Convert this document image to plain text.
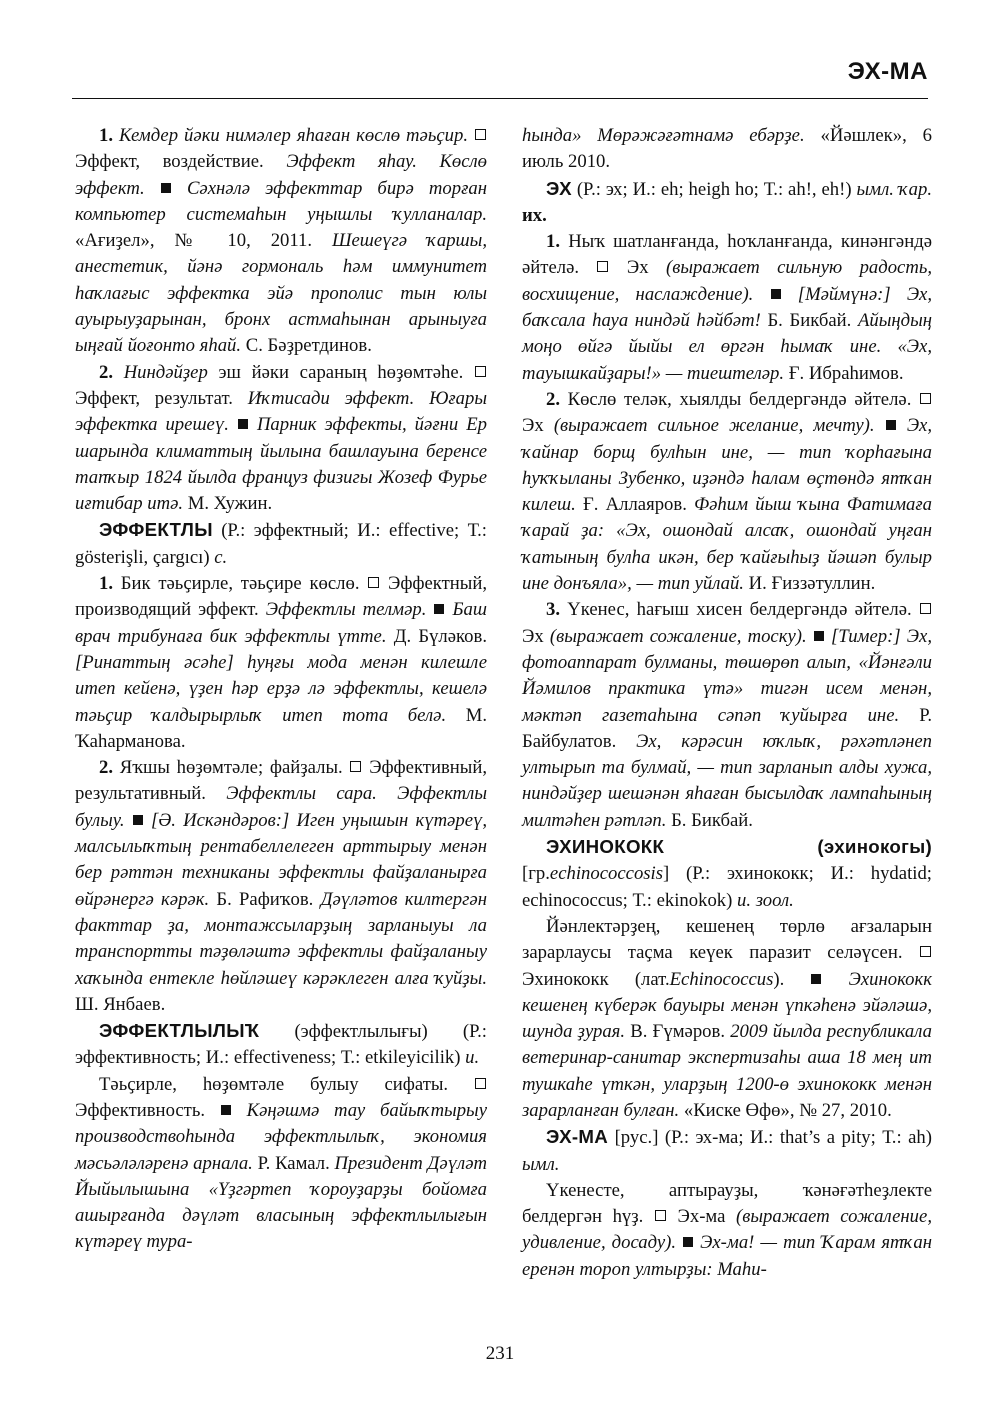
ЭХ-МА

1. Кемдер йәки нимәлер яһаған көслө тәьҫир.  Эффект, воздействие. Эффект яһау. Көслө эффект. Сәхнәлә эффекттар бирә торған компьютер системаһын уңышлы ҡулланалар. «Ағиҙел», № 10, 2011. Шешеүгә ҡаршы, анестетик, йәнә гормональ һәм иммунитет һаҡлағыс эффектка эйә прополис тын юлы ауырыуҙарынан, бронх астмаһынан арыныуға ыңғай йоғонто яһай. С. Бәҙретдинов.

2. Ниндәйҙер эш йәки сараның һөҙөмтәһе.  Эффект, результат. Иҡтисади эффект. Юғары эффектка ирешеү. Парник эффекты, йәғни Ер шарында климаттың йылына башлауына беренсе тапҡыр 1824 йылда француз физигы Жозеф Фурье иғтибар итә. М. Хужин.

ЭФФЕКТЛЫ (Р.: эффектный; И.: effective; Т.: gösterişli, çargıcı) с.

1. Бик тәьҫирле, тәьҫире көслө. Эффектный, производящий эффект. Эффектлы телмәр. Баш врач трибунаға бик эффектлы үтте. Д. Бүләков. [Ринаттың әсәһе] һуңғы мода менән килешле итеп кейенә, үҙен һәр ерҙә лә эффектлы, кешелә тәьҫир ҡалдырырлыҡ итеп тота белә. М. Ҡаһарманова.

2. Яҡшы һөҙөмтәле; файҙалы. Эффективный, результативный. Эффектлы сара. Эффектлы булыу. [Ә. Искәндәров:] Иген уңышын күтәреү, малсылыҡтың рентабеллелеген арттырыу менән бер рәттән техниканы эффектлы файҙаланырға өйрәнергә кәрәк. Б. Рафиҡов. Дәүләтов килтергән факттар ҙа, монтажсыларҙың зарланыуы ла транспортты тәҙөләштә эффектлы файҙаланыу хаҡында ентекле һөйләшеү кәрәклеген алға ҡуйҙы. Ш. Янбаев.

ЭФФЕКТЛЫЛЫҠ (эффектлылығы) (Р.: эффективность; И.: effectiveness; Т.: etkileyicilik) и.

Тәьҫирле, һөҙөмтәле булыу сифаты.  Эффективность. Кәңәшмә тау байыҡтырыу производствоһында эффектлылыҡ, экономия мәсьәләләренә арнала. Р. Камал. Президент Дәүләт Йыйылышына «Үҙгәртеп ҡороуҙарҙы бойомға ашырғанда дәүләт власының эффектлылығын күтәреү тура-

һында» Мөрәжәғәтнамә ебәрҙе. «Йәшлек», 6 июль 2010.

ЭХ (Р.: эх; И.: eh; heigh ho; Т.: ah!, eh!) ымл. ҡар. их.

1. Ныҡ шатланғанда, һоҡланғанда, кинәнгәндә әйтелә.	Эх (выражает сильную радость, восхищение, наслаждение). [Мәймүнә:] Эх, баҡсала һауа ниндәй һәйбәт! Б. Бикбай. Айыңдың моңо өйгә йыйы ел өргән һымаҡ ине. «Эх, тауышкайҙары!» — тиештеләр. Ғ. Ибраһимов.

2. Көслө теләк, хыялды белдергәндә әйтелә.  Эх (выражает сильное желание, мечту). Эх, ҡайнар борщ булһын ине, — тип ҡорһағына һуҡҡыланы Зубенко, иҙәндә һалам өҫтөндә ятҡан килеш. Ғ. Аллаяров. Фәһим йыш ҡына Фатимаға ҡарай ҙа: «Эх, ошондай алсаҡ, ошондай уңған ҡатының булһа икән, бер ҡайғыһыҙ йәшәп булыр ине донъяла», — тип уйлай. И. Ғиззәтуллин.

3. Үкенес, һағыш хисен белдергәндә әйтелә.  Эх (выражает сожаление, тоску). [Тимер:] Эх, фотоаппарат булманы, төшөрөп алып, «Йәнғәли Йәмилов практика үтә» тигән исем менән, мәктәп газетаһына сәпәп ҡуйырға ине. Р. Байбулатов. Эх, кәрәсин юҡлыҡ, рәхәтләнеп ултырып та булмай, — тип зарланып алды хужа, ниндәйҙер шешәнән яһаған бысылдаҡ лампаһының милтәһен рәтләп. Б. Бикбай.

ЭХИНОКОКК	(эхинокогы) [гр.echinococcosis] (Р.: эхинококк; И.: hydatid; echinococcus; Т.: ekinokok) и. зоол.

Йәнлектәрҙең, кешенең төрлө ағзаларын зарарлаусы таҫма кеүек паразит селәүсен.  Эхинококк (лат.Echinococcus).	Эхинококк кешенең күберәк бауыры менән үпкәһенә эйәләшә, шунда ҙурая. В. Ғүмәров. 2009 йылда республикала ветеринар-санитар экспертизаһы аша 18 мең ит тушкаһе үткән, уларҙың 1200-ө эхинококк менән зарарланған булған. «Киске Өфө», № 27, 2010.

ЭХ-МА [рус.] (Р.: эх-ма; И.: that’s a pity; Т.: ah) ымл.

Үкенесте, аптырауҙы, ҡәнәғәтһеҙлекте белдергән һүҙ. Эх-ма (выражает сожаление, удивление, досаду). Эх-ма! — тип Ҡарам ятҡан еренән тороп ултырҙы: Маһи-

231
